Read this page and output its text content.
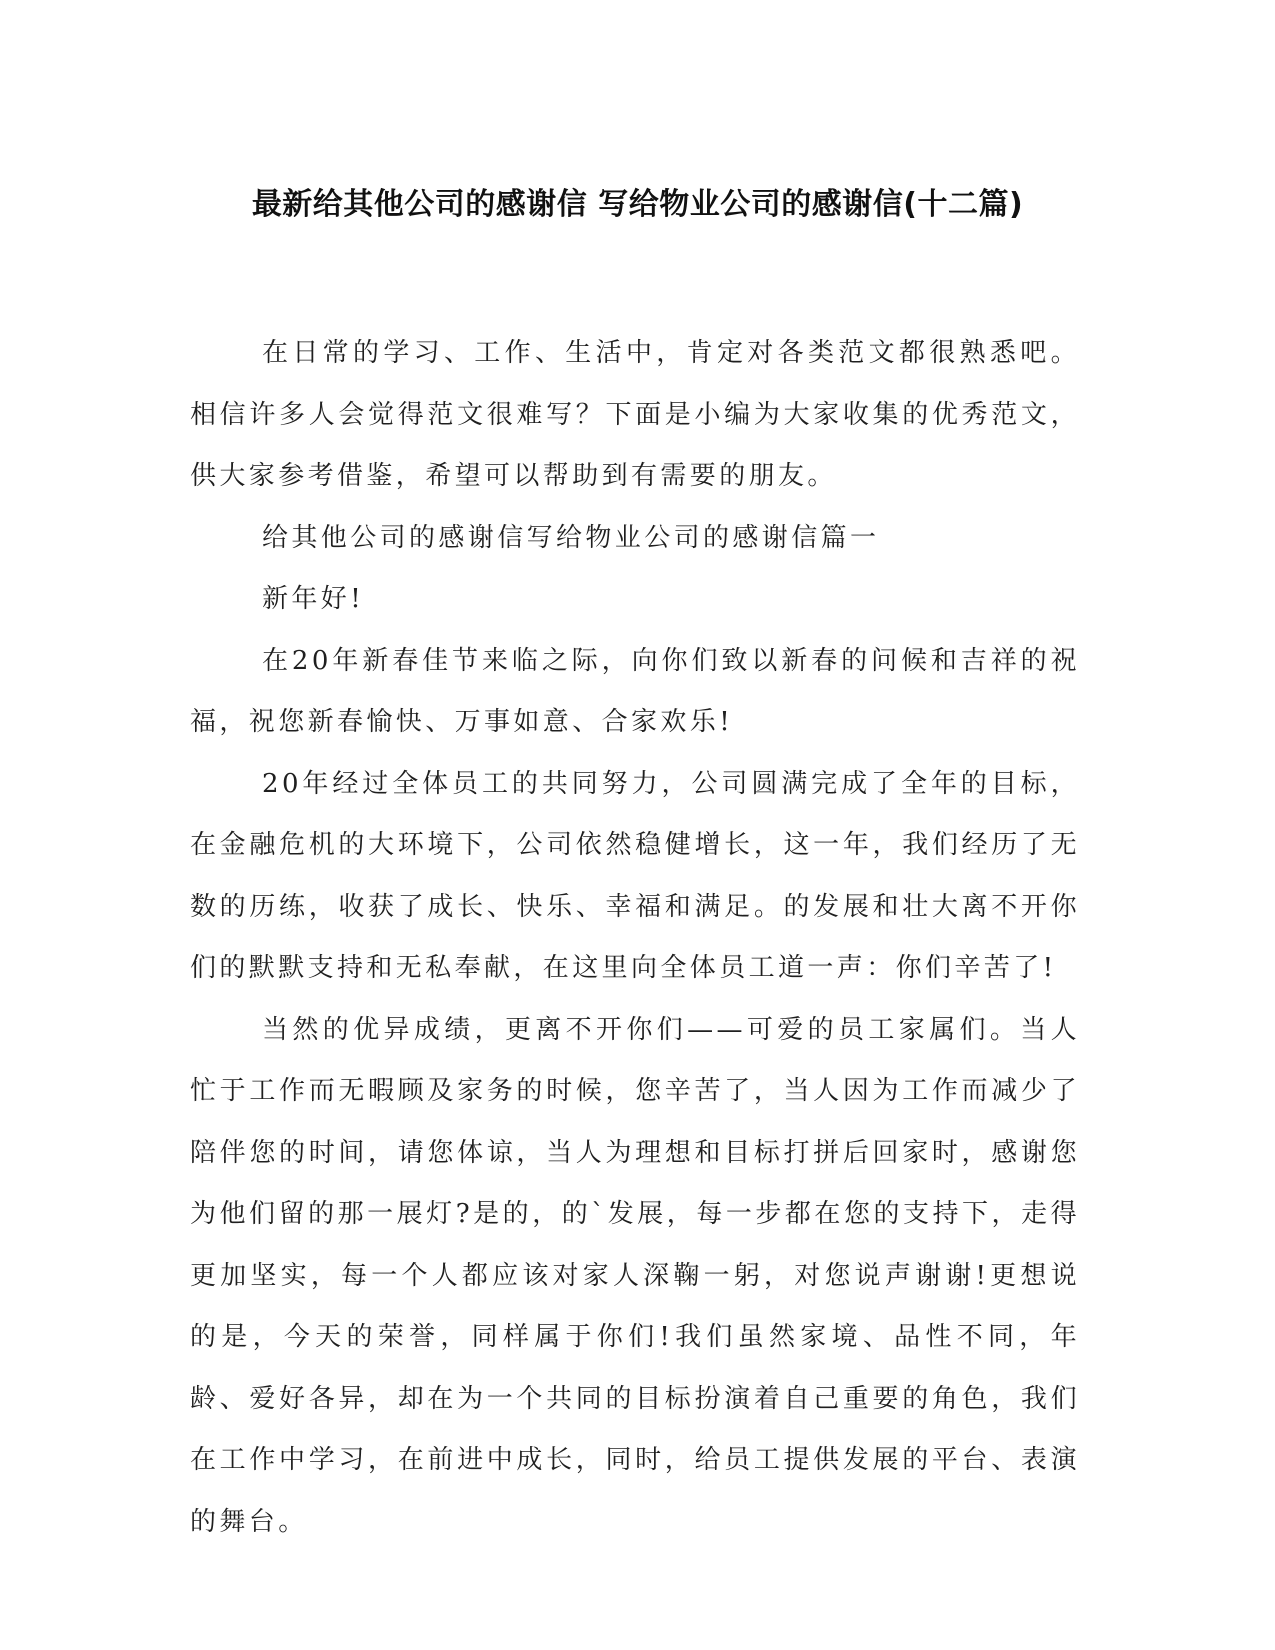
最新给其他公司的感谢信 写给物业公司的感谢信(十二篇)

在日常的学习、工作、生活中，肯定对各类范文都很熟悉吧。相信许多人会觉得范文很难写？下面是小编为大家收集的优秀范文，供大家参考借鉴，希望可以帮助到有需要的朋友。

给其他公司的感谢信写给物业公司的感谢信篇一

新年好!

在20年新春佳节来临之际，向你们致以新春的问候和吉祥的祝福，祝您新春愉快、万事如意、合家欢乐!

20年经过全体员工的共同努力，公司圆满完成了全年的目标，在金融危机的大环境下，公司依然稳健增长，这一年，我们经历了无数的历练，收获了成长、快乐、幸福和满足。的发展和壮大离不开你们的默默支持和无私奉献，在这里向全体员工道一声：你们辛苦了!

当然的优异成绩，更离不开你们——可爱的员工家属们。当人忙于工作而无暇顾及家务的时候，您辛苦了，当人因为工作而减少了陪伴您的时间，请您体谅，当人为理想和目标打拼后回家时，感谢您为他们留的那一展灯?是的，的`发展，每一步都在您的支持下，走得更加坚实，每一个人都应该对家人深鞠一躬，对您说声谢谢!更想说的是，今天的荣誉，同样属于你们!我们虽然家境、品性不同，年龄、爱好各异，却在为一个共同的目标扮演着自己重要的角色，我们在工作中学习，在前进中成长，同时，给员工提供发展的平台、表演的舞台。
